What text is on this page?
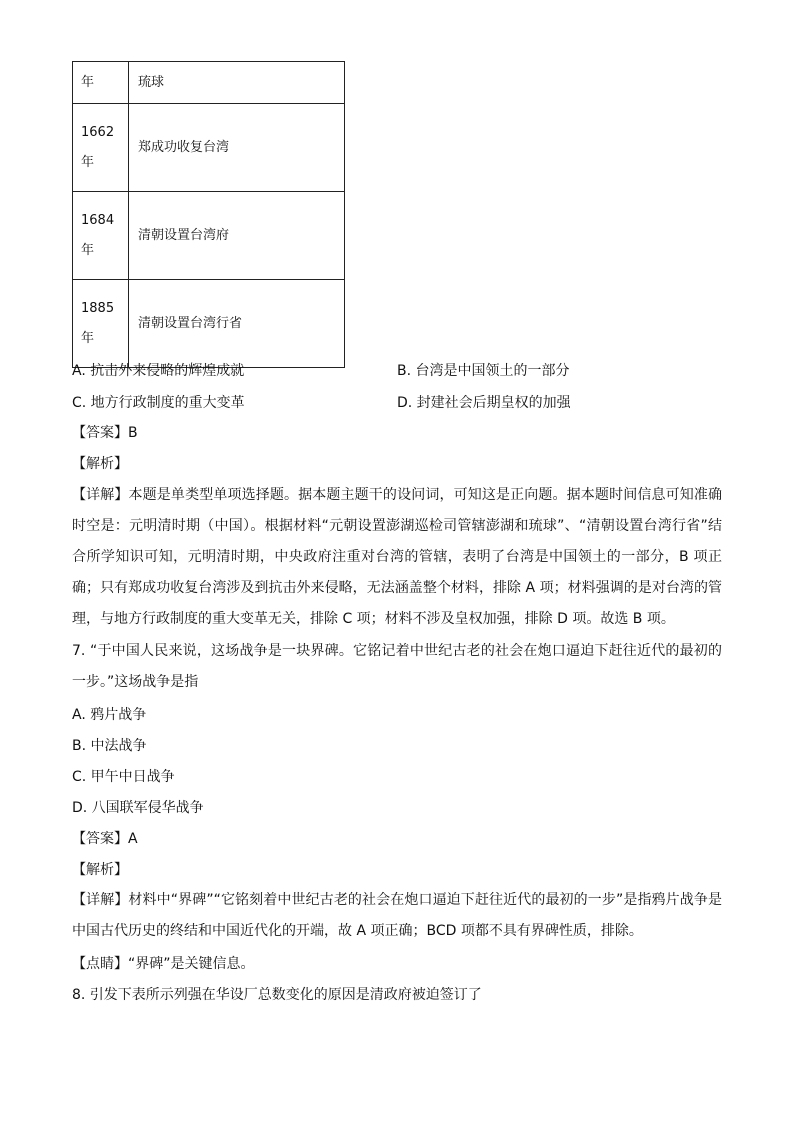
年	琉球

1662
年	郑成功收复台湾

1684
年	清朝设置台湾府

1885
年	清朝设置台湾行省
A. 抗击外来侵略的辉煌成就	B. 台湾是中国领土的一部分
C. 地方行政制度的重大变革	D. 封建社会后期皇权的加强
【答案】B
【解析】
【详解】本题是单类型单项选择题。据本题主题干的设问词，可知这是正向题。据本题时间信息可知准确时空是：元明清时期（中国）。根据材料“元朝设置澎湖巡检司管辖澎湖和琉球”、“清朝设置台湾行省”结合所学知识可知，元明清时期，中央政府注重对台湾的管辖，表明了台湾是中国领土的一部分，B 项正确；只有郑成功收复台湾涉及到抗击外来侵略，无法涵盖整个材料，排除 A 项；材料强调的是对台湾的管理，与地方行政制度的重大变革无关，排除 C 项；材料不涉及皇权加强，排除 D 项。故选 B 项。
7. “于中国人民来说，这场战争是一块界碑。它铭记着中世纪古老的社会在炮口逼迫下赶往近代的最初的一步。”这场战争是指
A. 鸦片战争
B. 中法战争
C. 甲午中日战争
D. 八国联军侵华战争
【答案】A
【解析】
【详解】材料中“界碑”“它铭刻着中世纪古老的社会在炮口逼迫下赶往近代的最初的一步”是指鸦片战争是中国古代历史的终结和中国近代化的开端，故 A 项正确；BCD 项都不具有界碑性质，排除。
【点睛】“界碑”是关键信息。
8. 引发下表所示列强在华设厂总数变化的原因是清政府被迫签订了
